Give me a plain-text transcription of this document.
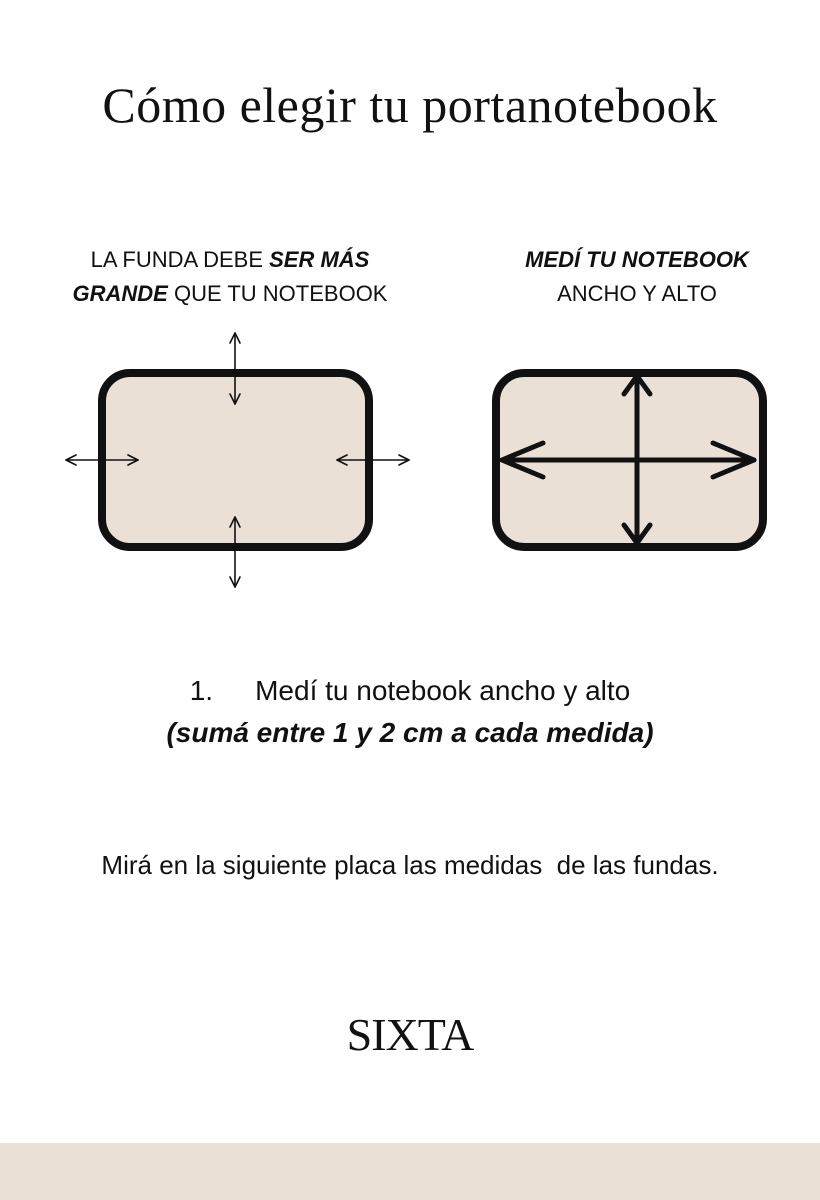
Cómo elegir tu portanotebook
LA FUNDA DEBE SER MÁS
GRANDE QUE TU NOTEBOOK
MEDÍ TU NOTEBOOK
ANCHO Y ALTO
1. Medí tu notebook ancho y alto
(sumá entre 1 y 2 cm a cada medida)
Mirá en la siguiente placa las medidas  de las fundas.
SIXTA
